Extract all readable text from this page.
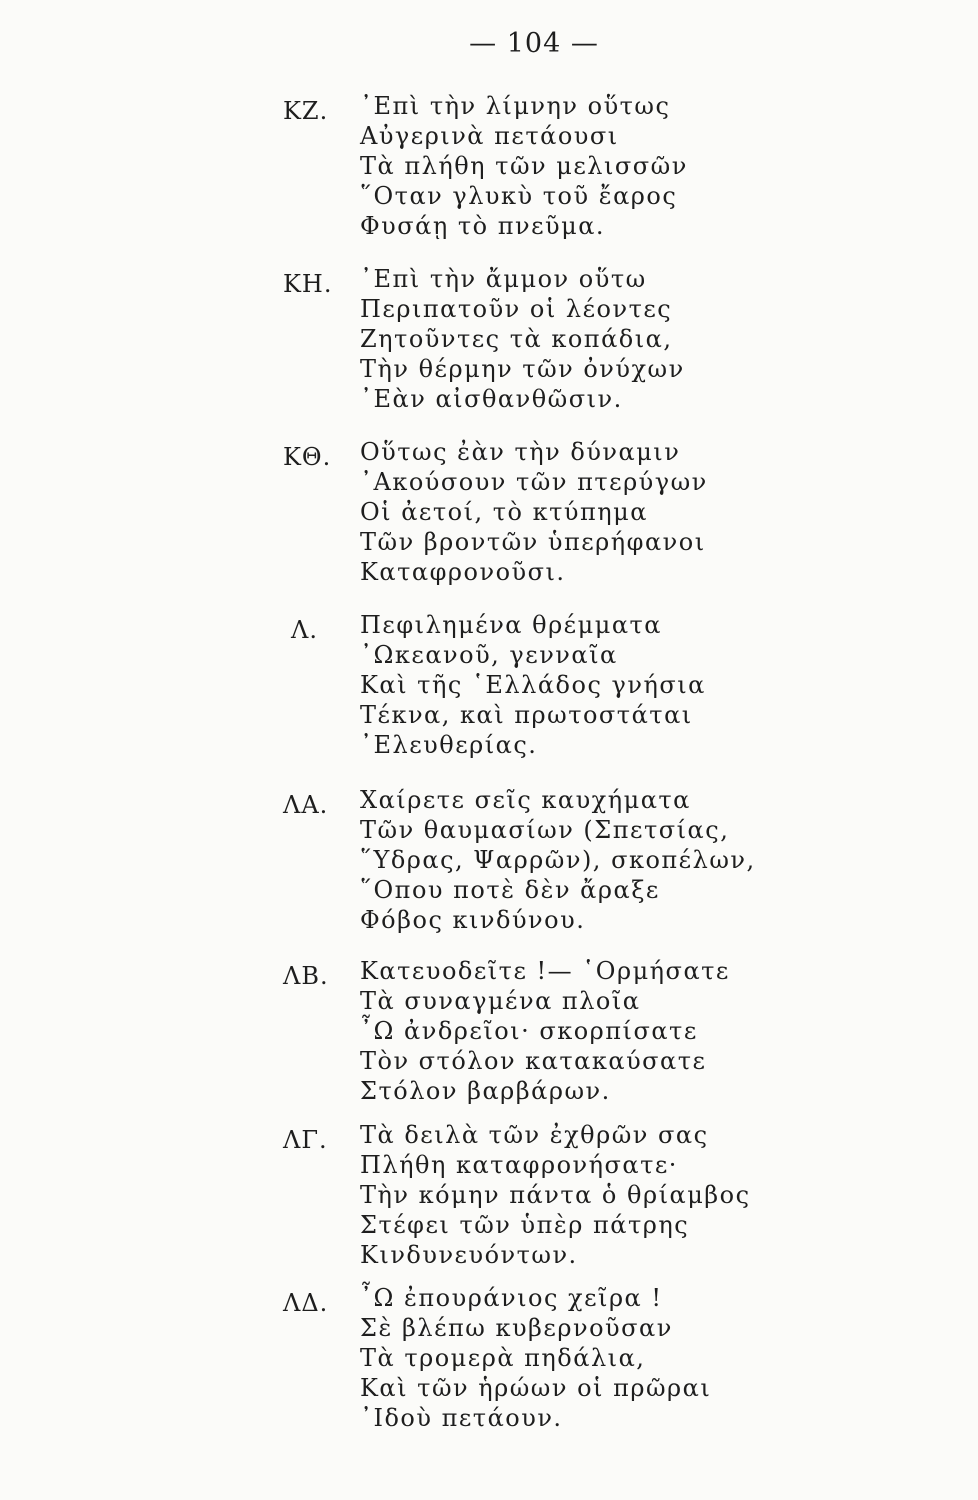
— 104 —
ΚΖ.	᾿Επὶ τὴν λίμνην οὕτως
Αὐγερινὰ πετάουσι
Τὰ πλήθη τῶν μελισσῶν
῞Οταν γλυκὺ τοῦ ἔαρος
Φυσάῃ τὸ πνεῦμα.
ΚΗ.	᾿Επὶ τὴν ἄμμον οὕτω
Περιπατοῦν οἱ λέοντες
Ζητοῦντες τὰ κοπάδια,
Τὴν θέρμην τῶν ὀνύχων
᾿Εὰν αἰσθανθῶσιν.
ΚΘ.	Οὕτως ἐὰν τὴν δύναμιν
᾿Ακούσουν τῶν πτερύγων
Οἱ ἀετοί, τὸ κτύπημα
Τῶν βροντῶν ὑπερήφανοι
Καταφρονοῦσι.
Λ. Πεφιλημένα θρέμματα
᾿Ωκεανοῦ, γενναῖα
Καὶ τῆς ῾Ελλάδος γνήσια
Τέκνα, καὶ πρωτοστάται
᾿Ελευθερίας.
ΛΑ.	Χαίρετε σεῖς καυχήματα
Τῶν θαυμασίων (Σπετσίας,
῞Υδρας, Ψαρρῶν), σκοπέλων,
῞Οπου ποτὲ δὲν ἄραξε
Φόβος κινδύνου.
ΛΒ.	Κατευοδεῖτε !— ῾Ορμήσατε
Τὰ συναγμένα πλοῖα
῏Ω ἀνδρεῖοι· σκορπίσατε
Τὸν στόλον κατακαύσατε
Στόλον βαρβάρων.
ΛΓ.	Τὰ δειλὰ τῶν ἐχθρῶν σας
Πλήθη καταφρονήσατε·
Τὴν κόμην πάντα ὁ θρίαμβος
Στέφει τῶν ὑπὲρ πάτρης
Κινδυνευόντων.
ΛΔ.	῏Ω ἐπουράνιος χεῖρα !
Σὲ βλέπω κυβερνοῦσαν
Τὰ τρομερὰ πηδάλια,
Καὶ τῶν ἡρώων οἱ πρῶραι
᾿Ιδοὺ πετάουν.
